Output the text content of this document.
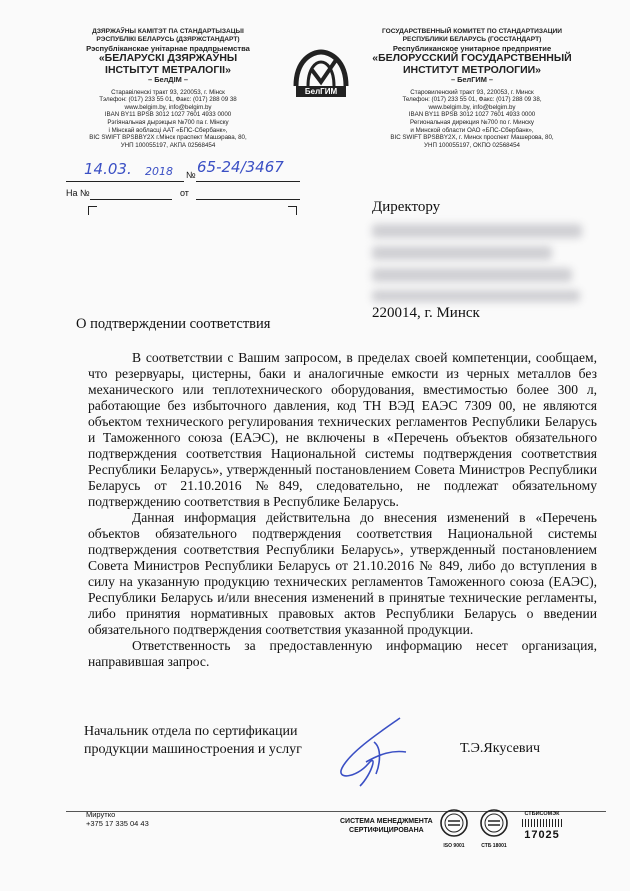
ДЗЯРЖАЎНЫ КАМІТЭТ ПА СТАНДАРТЫЗАЦЫІ
РЭСПУБЛІКІ БЕЛАРУСЬ (ДЗЯРЖСТАНДАРТ)
Рэспубліканскае унітарнае прадпрыемства
«БЕЛАРУСКІ ДЗЯРЖАЎНЫ
ІНСТЫТУТ МЕТРАЛОГІІ»
– БелДІМ –
Старавіленскі тракт 93, 220053, г. Мінск
Тэлефон: (017) 233 55 01, Факс: (017) 288 09 38
www.belgim.by, info@belgim.by
IBAN BY11 BPSB 3012 1027 7601 4933 0000
Рэгіянальная дырэкцыя №700 па г. Мінску
і Мінскай вобласці ААТ «БПС-Сбербанк»,
BIC SWIFT BPSBBY2X г.Мінск праспект Машэрава, 80,
УНП 100055197, АКПА 02568454
БелГИМ
ГОСУДАРСТВЕННЫЙ КОМИТЕТ ПО СТАНДАРТИЗАЦИИ
РЕСПУБЛИКИ БЕЛАРУСЬ (ГОССТАНДАРТ)
Республиканское унитарное предприятие
«БЕЛОРУССКИЙ ГОСУДАРСТВЕННЫЙ
ИНСТИТУТ МЕТРОЛОГИИ»
– БелГИМ –
Старовиленский тракт 93, 220053, г. Минск
Телефон: (017) 233 55 01, Факс: (017) 288 09 38,
www.belgim.by, info@belgim.by
IBAN BY11 BPSB 3012 1027 7601 4933 0000
Региональная дирекция №700 по г. Минску
и Минской области ОАО «БПС-Сбербанк»,
BIC SWIFT BPSBBY2X, г. Минск проспект Машерова, 80,
УНП 100055197, ОКПО 02568454
14.03. 2018 № 65-24/3467
На №	от
Директору
220014, г. Минск
О подтверждении соответствия

В соответствии с Вашим запросом, в пределах своей компетенции, сообщаем, что резервуары, цистерны, баки и аналогичные емкости из черных металлов без механического или теплотехнического оборудования, вместимостью более 300 л, работающие без избыточного давления, код ТН ВЭД ЕАЭС 7309 00, не являются объектом технического регулирования технических регламентов Республики Беларусь и Таможенного союза (ЕАЭС), не включены в «Перечень объектов обязательного подтверждения соответствия Национальной системы подтверждения соответствия Республики Беларусь», утвержденный постановлением Совета Министров Республики Беларусь от 21.10.2016 №849, следовательно, не подлежат обязательному подтверждению соответствия в Республике Беларусь.

Данная информация действительна до внесения изменений в «Перечень объектов обязательного подтверждения соответствия Национальной системы подтверждения соответствия Республики Беларусь», утвержденный постановлением Совета Министров Республики Беларусь от 21.10.2016 № 849, либо до вступления в силу на указанную продукцию технических регламентов Таможенного союза (ЕАЭС), Республики Беларусь и/или внесения изменений в принятые технические регламенты, либо принятия нормативных правовых актов Республики Беларусь о введении обязательного подтверждения соответствия указанной продукции.

Ответственность за предоставленную информацию несет организация, направившая запрос.

Начальник отдела по сертификации
продукции машиностроения и услуг	Т.Э.Якусевич
Мирутко
+375 17 335 04 43	СИСТЕМА МЕНЕДЖМЕНТА
СЕРТИФИЦИРОВАНА
ISO 9001	СТБ 18001
СТБИСОМЭК
17025
